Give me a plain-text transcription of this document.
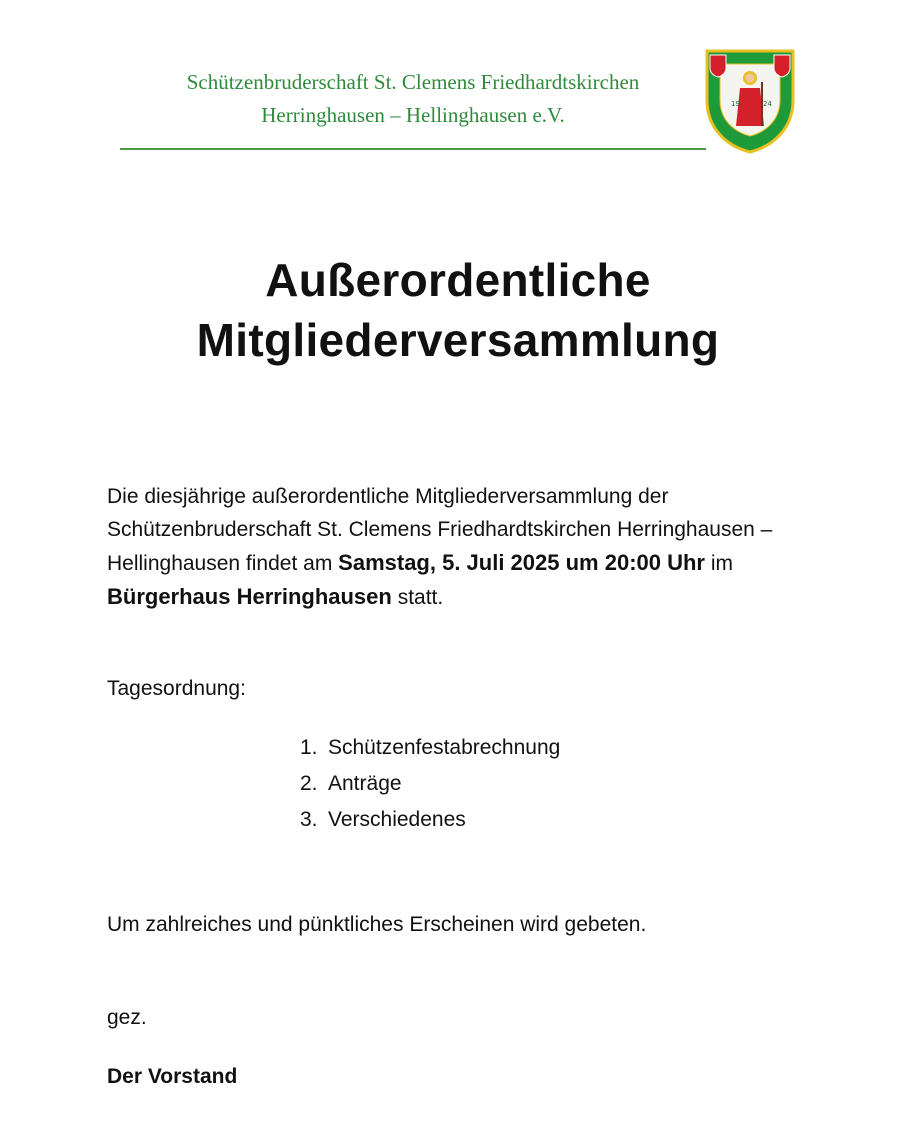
Schützenbruderschaft St. Clemens Friedhardtskirchen
Herringhausen – Hellinghausen e.V.	19	24
Außerordentliche
Mitgliederversammlung
Die diesjährige außerordentliche Mitgliederversammlung der Schützenbruderschaft St. Clemens Friedhardtskirchen Herringhausen – Hellinghausen findet am Samstag, 5. Juli 2025 um 20:00 Uhr im Bürgerhaus Herringhausen statt.
Tagesordnung:
1. Schützenfestabrechnung
2. Anträge
3. Verschiedenes
Um zahlreiches und pünktliches Erscheinen wird gebeten.
gez.
Der Vorstand
